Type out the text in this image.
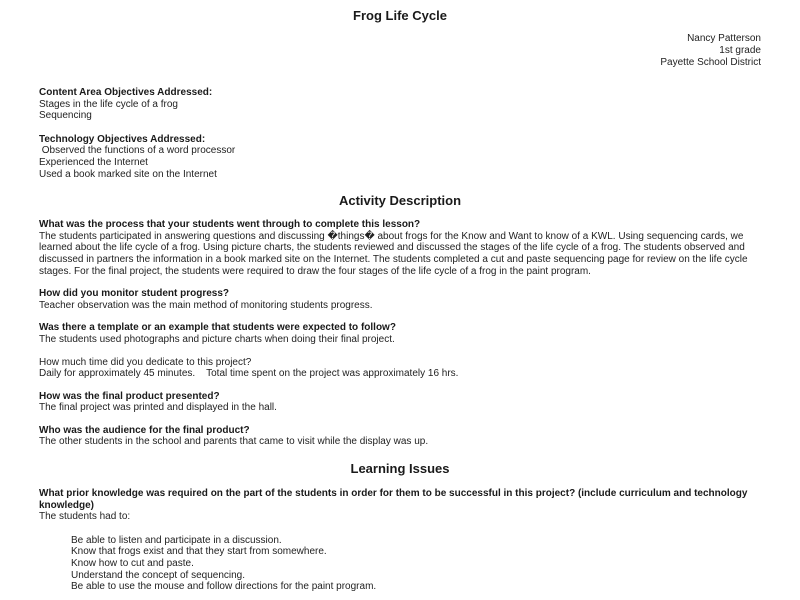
Frog Life Cycle
Nancy Patterson
1st grade
Payette School District
Content Area Objectives Addressed:
Stages in the life cycle of a frog
Sequencing
Technology Objectives Addressed:
Observed the functions of a word processor
Experienced the Internet
Used a book marked site on the Internet
Activity Description
What was the process that your students went through to complete this lesson?
The students participated in answering questions and discussing �things� about frogs for the Know and Want to know of a KWL. Using sequencing cards, we learned about the life cycle of a frog. Using picture charts, the students reviewed and discussed the stages of the life cycle of a frog. The students observed and discussed in partners the information in a book marked site on the Internet. The students completed a cut and paste sequencing page for review on the life cycle stages. For the final project, the students were required to draw the four stages of the life cycle of a frog in the paint program.
How did you monitor student progress?
Teacher observation was the main method of monitoring students progress.
Was there a template or an example that students were expected to follow?
The students used photographs and picture charts when doing their final project.
How much time did you dedicate to this project?
Daily for approximately 45 minutes.    Total time spent on the project was approximately 16 hrs.
How was the final product presented?
The final project was printed and displayed in the hall.
Who was the audience for the final product?
The other students in the school and parents that came to visit while the display was up.
Learning Issues
What prior knowledge was required on the part of the students in order for them to be successful in this project? (include curriculum and technology knowledge)
The students had to:
Be able to listen and participate in a discussion.
Know that frogs exist and that they start from somewhere.
Know how to cut and paste.
Understand the concept of sequencing.
Be able to use the mouse and follow directions for the paint program.
